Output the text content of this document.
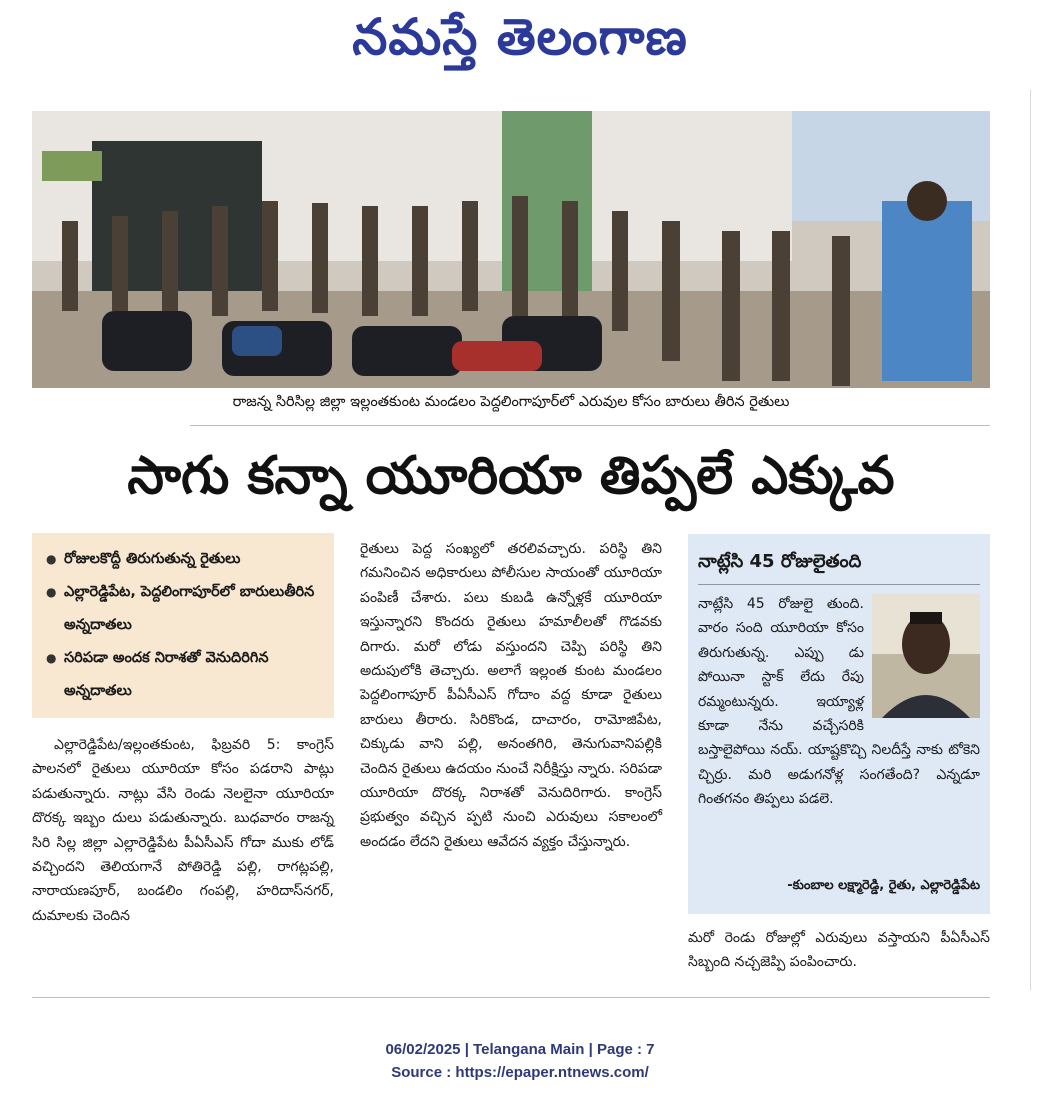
నమస్తే తెలంగాణ
రాజన్న సిరిసిల్ల జిల్లా ఇల్లంతకుంట మండలం పెద్దలింగాపూర్‌లో ఎరువుల కోసం బారులు తీరిన రైతులు
సాగు కన్నా యూరియా తిప్పలే ఎక్కువ
● రోజులకొద్దీ తిరుగుతున్న రైతులు
● ఎల్లారెడ్డిపేట, పెద్దలింగాపూర్‌లో బారులుతీరిన అన్నదాతలు
● సరిపడా అందక నిరాశతో వెనుదిరిగిన అన్నదాతలు

ఎల్లారెడ్డిపేట/ఇల్లంతకుంట, ఫిబ్రవరి 5: కాంగ్రెస్ పాలనలో రైతులు యూరియా కోసం పడరాని పాట్లు పడుతున్నారు. నాట్లు వేసి రెండు నెలలైనా యూరియా దొరక్క ఇబ్బం దులు పడుతున్నారు. బుధవారం రాజన్న సిరి సిల్ల జిల్లా ఎల్లారెడ్డిపేట పీఏసీఎస్ గోదా ముకు లోడ్ వచ్చిందని తెలియగానే పోతిరెడ్డి పల్లి, రాగట్లపల్లి, నారాయణపూర్, బండలిం గంపల్లి, హరిదాస్‌నగర్, దుమాలకు చెందిన

రైతులు పెద్ద సంఖ్యలో తరలివచ్చారు. పరిస్థి తిని గమనించిన అధికారులు పోలీసుల సాయంతో యూరియా పంపిణీ చేశారు. పలు కుబడి ఉన్నోళ్లకే యూరియా ఇస్తున్నారని కొందరు రైతులు హమాలీలతో గొడవకు దిగారు. మరో లోడు వస్తుందని చెప్పి పరిస్థి తిని అదుపులోకి తెచ్చారు. అలాగే ఇల్లంత కుంట మండలం పెద్దలింగాపూర్ పీఏసీఎస్ గోదాం వద్ద కూడా రైతులు బారులు తీరారు. సిరికొండ, దాచారం, రామోజిపేట, చిక్కుడు వాని పల్లి, అనంతగిరి, తెనుగువానిపల్లికి చెందిన రైతులు ఉదయం నుంచే నిరీక్షిస్తు న్నారు. సరిపడా యూరియా దొరక్క నిరాశతో వెనుదిరిగారు. కాంగ్రెస్ ప్రభుత్వం వచ్చిన ప్పటి నుంచి ఎరువులు సకాలంలో అందడం లేదని రైతులు ఆవేదన వ్యక్తం చేస్తున్నారు.

నాట్లేసి 45 రోజులైతంది

నాట్లేసి 45 రోజులై తుంది. వారం సంది యూరియా కోసం తిరుగుతున్న. ఎప్పు డు పోయినా స్టాక్ లేదు రేపు రమ్మంటున్నరు. ఇయ్యాళ్ల కూడా నేను వచ్చేసరికి బస్తాలైపోయి నయ్. యాష్టకొచ్చి నిలదీస్తే నాకు టోకెని చ్చిర్రు. మరి అడుగనోళ్ల సంగతేంది? ఎన్నడూ గింతగనం తిప్పలు పడలె.

-కుంబాల లక్ష్మారెడ్డి, రైతు, ఎల్లారెడ్డిపేట

మరో రెండు రోజుల్లో ఎరువులు వస్తాయని పీఏసీఎస్ సిబ్బంది నచ్చజెప్పి పంపించారు.

06/02/2025 | Telangana Main | Page : 7
Source : https://epaper.ntnews.com/
